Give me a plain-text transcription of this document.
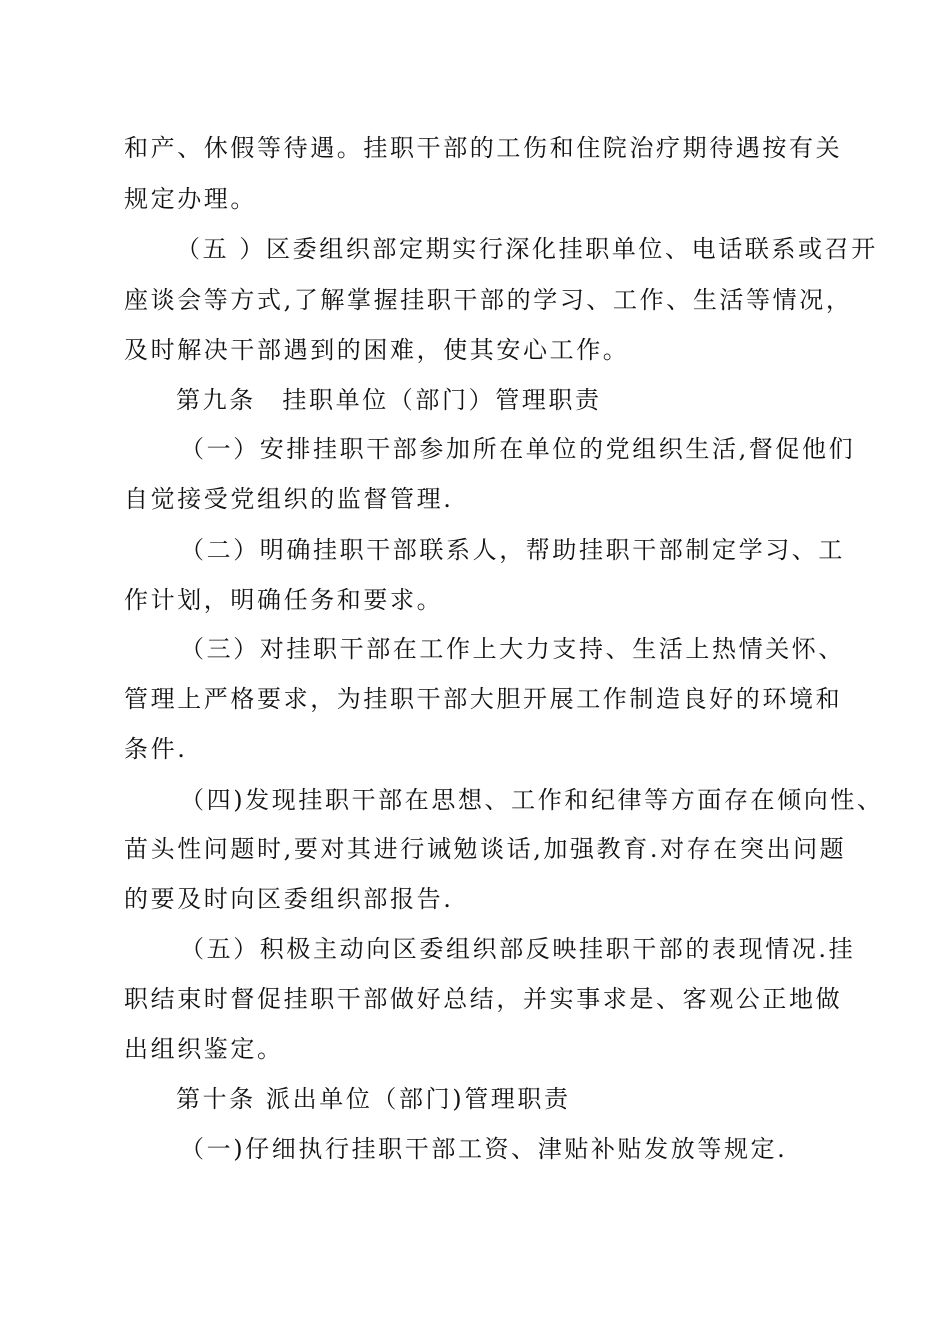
和产、休假等待遇。挂职干部的工伤和住院治疗期待遇按有关
规定办理。
（五 ）区委组织部定期实行深化挂职单位、电话联系或召开
座谈会等方式,了解掌握挂职干部的学习、工作、生活等情况，
及时解决干部遇到的困难，使其安心工作。
第九条　挂职单位（部门）管理职责
（一）安排挂职干部参加所在单位的党组织生活,督促他们
自觉接受党组织的监督管理.
（二）明确挂职干部联系人，帮助挂职干部制定学习、工
作计划，明确任务和要求。
（三）对挂职干部在工作上大力支持、生活上热情关怀、
管理上严格要求，为挂职干部大胆开展工作制造良好的环境和
条件.
（四)发现挂职干部在思想、工作和纪律等方面存在倾向性、
苗头性问题时,要对其进行诫勉谈话,加强教育.对存在突出问题
的要及时向区委组织部报告.
（五）积极主动向区委组织部反映挂职干部的表现情况.挂
职结束时督促挂职干部做好总结，并实事求是、客观公正地做
出组织鉴定。
第十条 派出单位（部门)管理职责
（一)仔细执行挂职干部工资、津贴补贴发放等规定.
